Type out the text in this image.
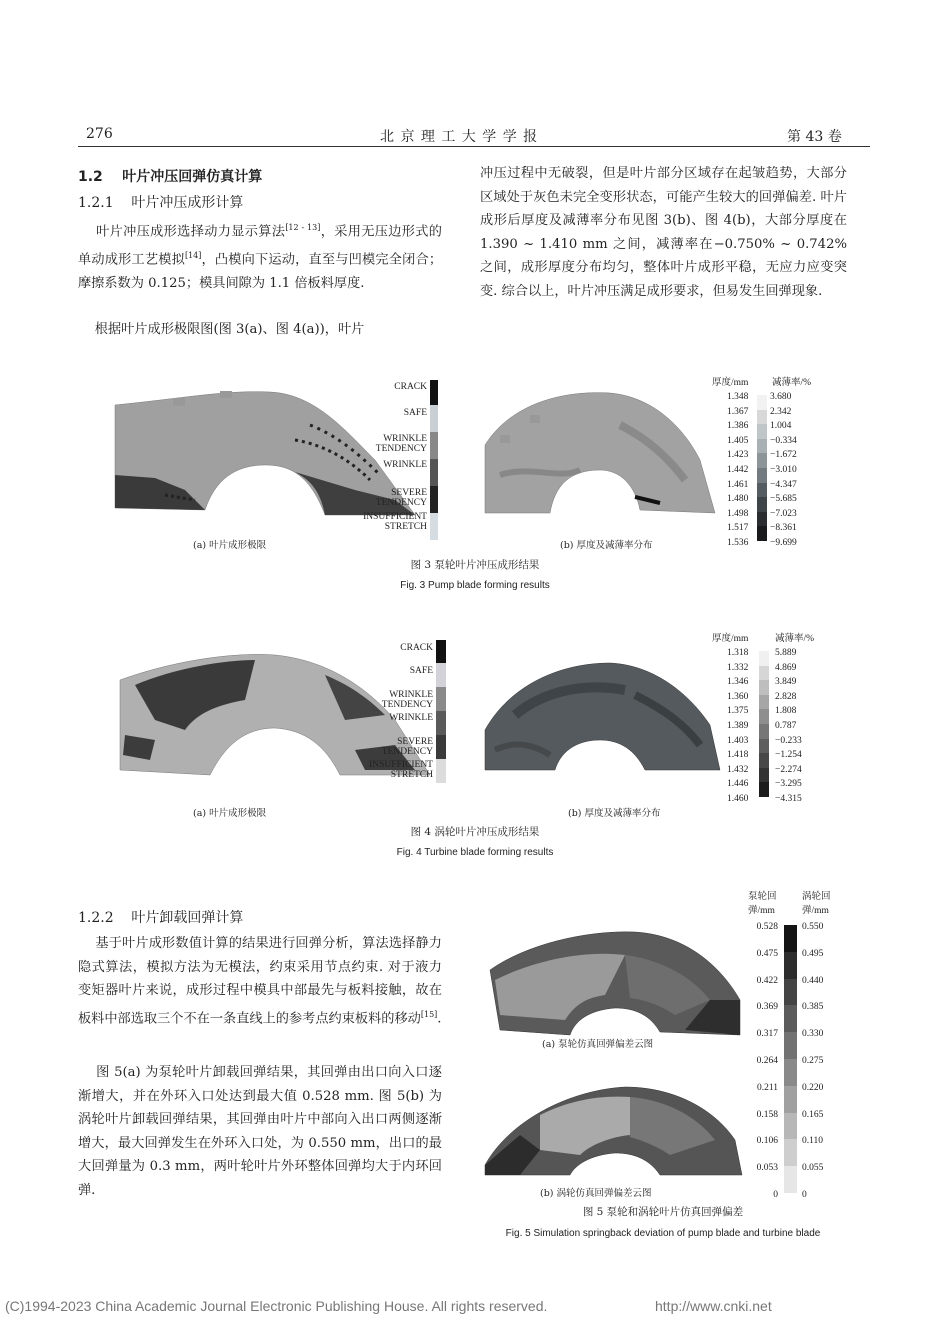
276	北 京 理 工 大 学 学 报	第 43 卷
1.2    叶片冲压回弹仿真计算
1.2.1    叶片冲压成形计算
叶片冲压成形选择动力显示算法[12 - 13]，采用无压边形式的单动成形工艺模拟[14]，凸模向下运动，直至与凹模完全闭合；摩擦系数为 0.125；模具间隙为 1.1 倍板料厚度.
根据叶片成形极限图(图 3(a)、图 4(a))，叶片
冲压过程中无破裂，但是叶片部分区域存在起皱趋势，大部分区域处于灰色未完全变形状态，可能产生较大的回弹偏差. 叶片成形后厚度及减薄率分布见图 3(b)、图 4(b)，大部分厚度在 1.390 ~ 1.410 mm 之间，减薄率在−0.750% ~ 0.742% 之间，成形厚度分布均匀，整体叶片成形平稳，无应力应变突变. 综合以上，叶片冲压满足成形要求，但易发生回弹现象.
CRACK
SAFE
WRINKLE TENDENCY
WRINKLE
SEVERE TENDENCY
INSUFFICIENT STRETCH
(a) 叶片成形极限	(b) 厚度及减薄率分布
厚度/mm 减薄率/%
1.348
1.367
1.386
1.405
1.423
1.442
1.461
1.480
1.498
1.517
1.536
3.680
2.342
1.004
−0.334
−1.672
−3.010
−4.347
−5.685
−7.023
−8.361
−9.699
图 3 泵轮叶片冲压成形结果
Fig. 3 Pump blade forming results
CRACK
SAFE
WRINKLE TENDENCY
WRINKLE
SEVERE TENDENCY
INSUFFICIENT STRETCH
(a) 叶片成形极限	(b) 厚度及减薄率分布
厚度/mm	减薄率/%
1.318
1.332
1.346
1.360
1.375
1.389
1.403
1.418
1.432
1.446
1.460
5.889
4.869
3.849
2.828
1.808
0.787
−0.233
−1.254
−2.274
−3.295
−4.315
图 4 涡轮叶片冲压成形结果
Fig. 4 Turbine blade forming results
1.2.2    叶片卸载回弹计算
基于叶片成形数值计算的结果进行回弹分析，算法选择静力隐式算法，模拟方法为无模法，约束采用节点约束. 对于液力变矩器叶片来说，成形过程中模具中部最先与板料接触，故在板料中部选取三个不在一条直线上的参考点约束板料的移动[15].
图 5(a) 为泵轮叶片卸载回弹结果，其回弹由出口向入口逐渐增大，并在外环入口处达到最大值 0.528 mm. 图 5(b) 为涡轮叶片卸载回弹结果，其回弹由叶片中部向入出口两侧逐渐增大，最大回弹发生在外环入口处，为 0.550 mm，出口的最大回弹量为 0.3 mm，两叶轮叶片外环整体回弹均大于内环回弹.
(a) 泵轮仿真回弹偏差云图
(b) 涡轮仿真回弹偏差云图
泵轮回
弹/mm
涡轮回
弹/mm
0.528
0.475
0.422
0.369
0.317
0.264
0.211
0.158
0.106
0.053
0
0.550
0.495
0.440
0.385
0.330
0.275
0.220
0.165
0.110
0.055
0
图 5 泵轮和涡轮叶片仿真回弹偏差
Fig. 5 Simulation springback deviation of pump blade and turbine blade
(C)1994-2023 China Academic Journal Electronic Publishing House. All rights reserved.	http://www.cnki.net
